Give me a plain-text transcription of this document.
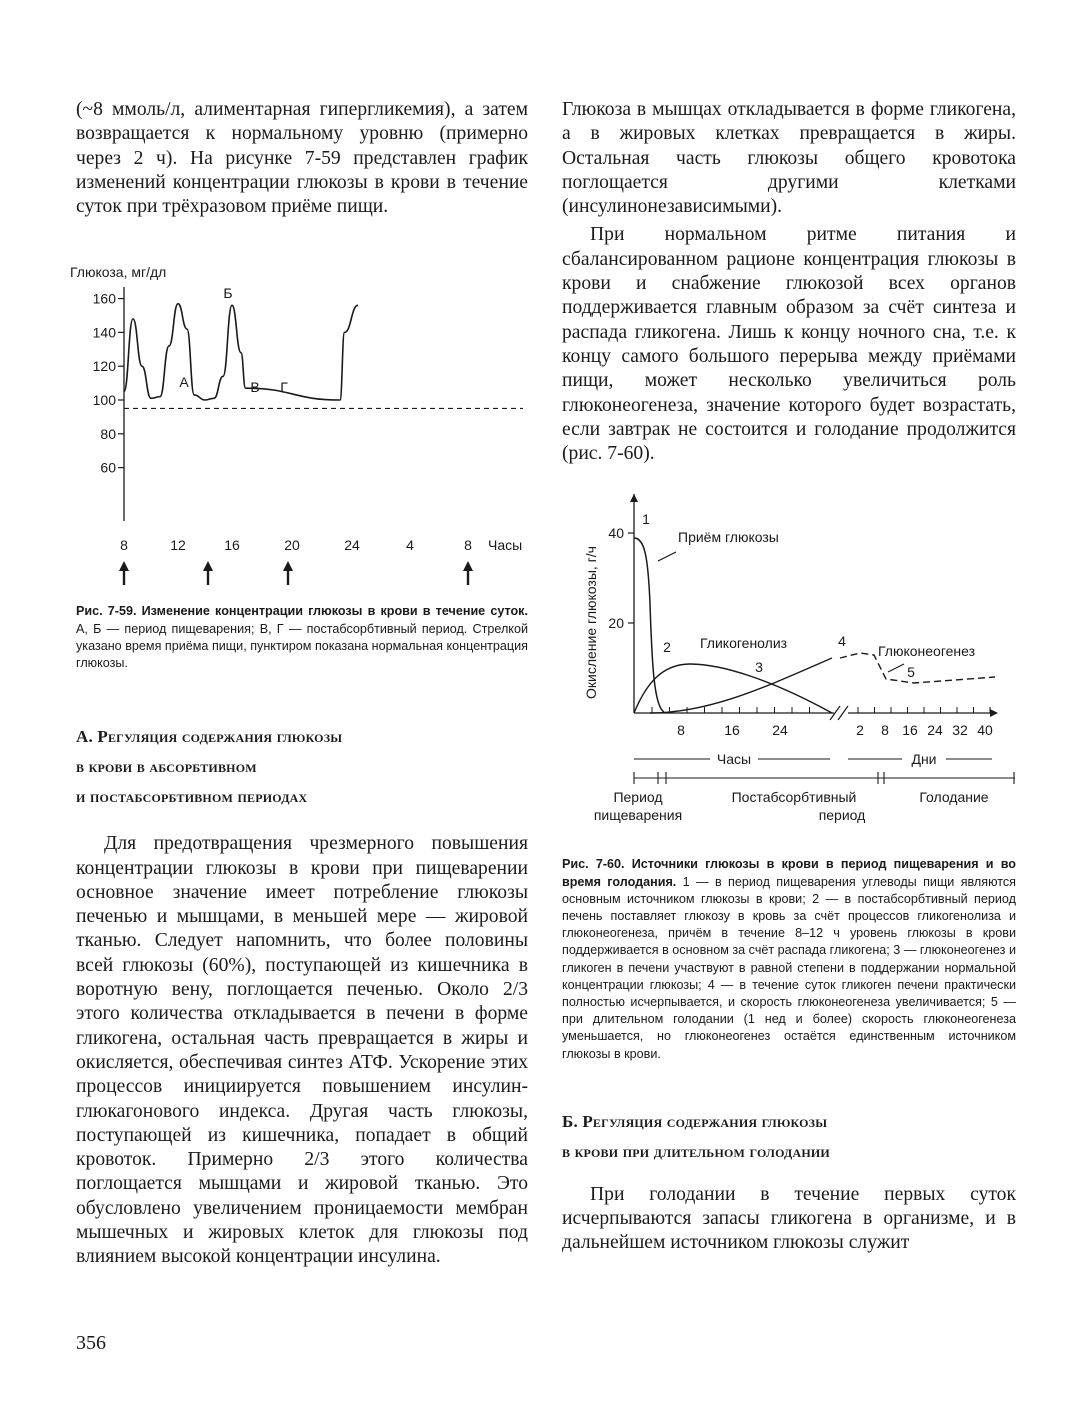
(~8 ммоль/л, алиментарная гипергликемия), а затем возвращается к нормальному уровню (примерно через 2 ч). На рисунке 7-59 представлен график изменений концентрации глюкозы в крови в течение суток при трёхразовом приёме пищи.

Глюкоза, мг/дл
60
80
100
120
140
160
8	12	16	20	24	4	8 Часы
А
Б
В Г

Рис. 7-59. Изменение концентрации глюкозы в крови в течение суток. А, Б — период пищеварения; В, Г — постабсорбтивный период. Стрелкой указано время приёма пищи, пунктиром показана нормальная концентрация глюкозы.

А. Регуляция содержания глюкозы

в крови в абсорбтивном

и постабсорбтивном периодах

Для предотвращения чрезмерного повышения концентрации глюкозы в крови при пищеварении основное значение имеет потребление глюкозы печенью и мышцами, в меньшей мере — жировой тканью. Следует напомнить, что более половины всей глюкозы (60%), поступающей из кишечника в воротную вену, поглощается печенью. Около 2/3 этого количества откладывается в печени в форме гликогена, остальная часть превращается в жиры и окисляется, обеспечивая синтез АТФ. Ускорение этих процессов инициируется повышением инсулин-глюкагонового индекса. Другая часть глюкозы, поступающей из кишечника, попадает в общий кровоток. Примерно 2/3 этого количества поглощается мышцами и жировой тканью. Это обусловлено увеличением проницаемости мембран мышечных и жировых клеток для глюкозы под влиянием высокой концентрации инсулина.

Глюкоза в мышцах откладывается в форме гликогена, а в жировых клетках превращается в жиры. Остальная часть глюкозы общего кровотока поглощается другими клетками (инсулинонезависимыми).

При нормальном ритме питания и сбалансированном рационе концентрация глюкозы в крови и снабжение глюкозой всех органов поддерживается главным образом за счёт синтеза и распада гликогена. Лишь к концу ночного сна, т.е. к концу самого большого перерыва между приёмами пищи, может несколько увеличиться роль глюконеогенеза, значение которого будет возрастать, если завтрак не состоится и голодание продолжится (рис. 7-60).

Окисление глюкозы, г/ч 20
40
8	16 24	2 8 16 24 32 40
1
2
3
4
5
Приём глюкозы
Гликогенолиз	Глюконеогенез
Часы	Дни
Период
пищеварения
Постабсорбтивный
период
Голодание

Рис. 7-60. Источники глюкозы в крови в период пищеварения и во время голодания. 1 — в период пищеварения углеводы пищи являются основным источником глюкозы в крови; 2 — в постабсорбтивный период печень поставляет глюкозу в кровь за счёт процессов гликогенолиза и глюконеогенеза, причём в течение 8–12 ч уровень глюкозы в крови поддерживается в основном за счёт распада гликогена; 3 — глюконеогенез и гликоген в печени участвуют в равной степени в поддержании нормальной концентрации глюкозы; 4 — в течение суток гликоген печени практически полностью исчерпывается, и скорость глюконеогенеза увеличивается; 5 — при длительном голодании (1 нед и более) скорость глюконеогенеза уменьшается, но глюконеогенез остаётся единственным источником глюкозы в крови.

Б. Регуляция содержания глюкозы

в крови при длительном голодании

При голодании в течение первых суток исчерпываются запасы гликогена в организме, и в дальнейшем источником глюкозы служит

356
